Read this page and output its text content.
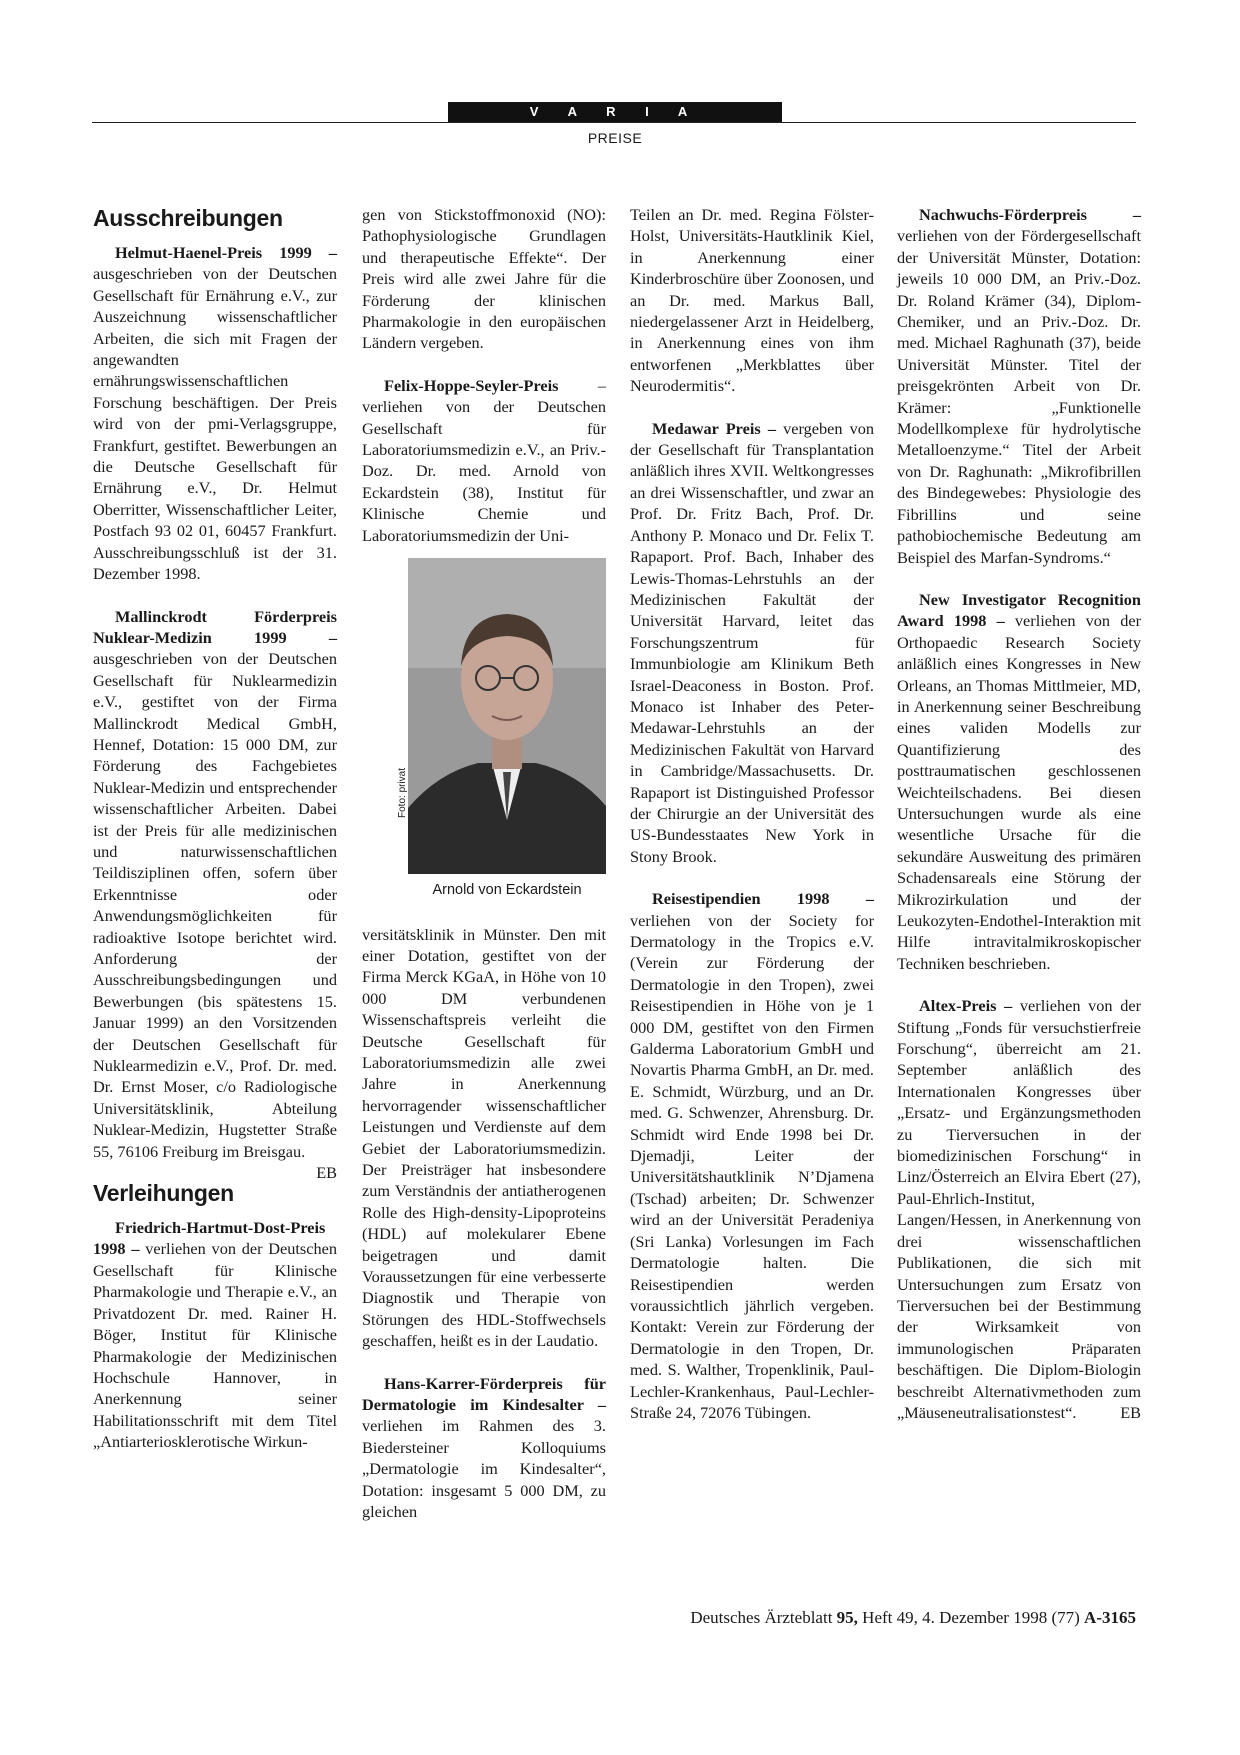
V A R I A
PREISE
Ausschreibungen

Helmut-Haenel-Preis 1999 – ausgeschrieben von der Deutschen Gesellschaft für Ernährung e.V., zur Auszeichnung wissenschaftlicher Arbeiten, die sich mit Fragen der angewandten ernährungswissenschaftlichen Forschung beschäftigen. Der Preis wird von der pmi-Verlagsgruppe, Frankfurt, gestiftet. Bewerbungen an die Deutsche Gesellschaft für Ernährung e.V., Dr. Helmut Oberritter, Wissenschaftlicher Leiter, Postfach 93 02 01, 60457 Frankfurt. Ausschreibungsschluß ist der 31. Dezember 1998.

Mallinckrodt Förderpreis Nuklear-Medizin 1999 – ausgeschrieben von der Deutschen Gesellschaft für Nuklearmedizin e.V., gestiftet von der Firma Mallinckrodt Medical GmbH, Hennef, Dotation: 15 000 DM, zur Förderung des Fachgebietes Nuklear-Medizin und entsprechender wissenschaftlicher Arbeiten. Dabei ist der Preis für alle medizinischen und naturwissenschaftlichen Teildisziplinen offen, sofern über Erkenntnisse oder Anwendungsmöglichkeiten für radioaktive Isotope berichtet wird. Anforderung der Ausschreibungsbedingungen und Bewerbungen (bis spätestens 15. Januar 1999) an den Vorsitzenden der Deutschen Gesellschaft für Nuklearmedizin e.V., Prof. Dr. med. Dr. Ernst Moser, c/o Radiologische Universitätsklinik, Abteilung Nuklear-Medizin, Hugstetter Straße 55, 76106 Freiburg im Breisgau.
EB

Verleihungen

Friedrich-Hartmut-Dost-Preis 1998 – verliehen von der Deutschen Gesellschaft für Klinische Pharmakologie und Therapie e.V., an Privatdozent Dr. med. Rainer H. Böger, Institut für Klinische Pharmakologie der Medizinischen Hochschule Hannover, in Anerkennung seiner Habilitationsschrift mit dem Titel „Antiarteriosklerotische Wirkun-

gen von Stickstoffmonoxid (NO): Pathophysiologische Grundlagen und therapeutische Effekte“. Der Preis wird alle zwei Jahre für die Förderung der klinischen Pharmakologie in den europäischen Ländern vergeben.

Felix-Hoppe-Seyler-Preis – verliehen von der Deutschen Gesellschaft für Laboratoriumsmedizin e.V., an Priv.-Doz. Dr. med. Arnold von Eckardstein (38), Institut für Klinische Chemie und Laboratoriumsmedizin der Uni-

Foto: privat
Arnold von Eckardstein

versitätsklinik in Münster. Den mit einer Dotation, gestiftet von der Firma Merck KGaA, in Höhe von 10 000 DM verbundenen Wissenschaftspreis verleiht die Deutsche Gesellschaft für Laboratoriumsmedizin alle zwei Jahre in Anerkennung hervorragender wissenschaftlicher Leistungen und Verdienste auf dem Gebiet der Laboratoriumsmedizin. Der Preisträger hat insbesondere zum Verständnis der antiatherogenen Rolle des High-density-Lipoproteins (HDL) auf molekularer Ebene beigetragen und damit Voraussetzungen für eine verbesserte Diagnostik und Therapie von Störungen des HDL-Stoffwechsels geschaffen, heißt es in der Laudatio.

Hans-Karrer-Förderpreis für Dermatologie im Kindesalter – verliehen im Rahmen des 3. Biedersteiner Kolloquiums „Dermatologie im Kindesalter“, Dotation: insgesamt 5 000 DM, zu gleichen

Teilen an Dr. med. Regina Fölster-Holst, Universitäts-Hautklinik Kiel, in Anerkennung einer Kinderbroschüre über Zoonosen, und an Dr. med. Markus Ball, niedergelassener Arzt in Heidelberg, in Anerkennung eines von ihm entworfenen „Merkblattes über Neurodermitis“.

Medawar Preis – vergeben von der Gesellschaft für Transplantation anläßlich ihres XVII. Weltkongresses an drei Wissenschaftler, und zwar an Prof. Dr. Fritz Bach, Prof. Dr. Anthony P. Monaco und Dr. Felix T. Rapaport. Prof. Bach, Inhaber des Lewis-Thomas-Lehrstuhls an der Medizinischen Fakultät der Universität Harvard, leitet das Forschungszentrum für Immunbiologie am Klinikum Beth Israel-Deaconess in Boston. Prof. Monaco ist Inhaber des Peter-Medawar-Lehrstuhls an der Medizinischen Fakultät von Harvard in Cambridge/Massachusetts. Dr. Rapaport ist Distinguished Professor der Chirurgie an der Universität des US-Bundesstaates New York in Stony Brook.

Reisestipendien 1998 – verliehen von der Society for Dermatology in the Tropics e.V. (Verein zur Förderung der Dermatologie in den Tropen), zwei Reisestipendien in Höhe von je 1 000 DM, gestiftet von den Firmen Galderma Laboratorium GmbH und Novartis Pharma GmbH, an Dr. med. E. Schmidt, Würzburg, und an Dr. med. G. Schwenzer, Ahrensburg. Dr. Schmidt wird Ende 1998 bei Dr. Djemadji, Leiter der Universitätshautklinik N’Djamena (Tschad) arbeiten; Dr. Schwenzer wird an der Universität Peradeniya (Sri Lanka) Vorlesungen im Fach Dermatologie halten. Die Reisestipendien werden voraussichtlich jährlich vergeben. Kontakt: Verein zur Förderung der Dermatologie in den Tropen, Dr. med. S. Walther, Tropenklinik, Paul-Lechler-Krankenhaus, Paul-Lechler-Straße 24, 72076 Tübingen.

Nachwuchs-Förderpreis – verliehen von der Fördergesellschaft der Universität Münster, Dotation: jeweils 10 000 DM, an Priv.-Doz. Dr. Roland Krämer (34), Diplom-Chemiker, und an Priv.-Doz. Dr. med. Michael Raghunath (37), beide Universität Münster. Titel der preisgekrönten Arbeit von Dr. Krämer: „Funktionelle Modellkomplexe für hydrolytische Metalloenzyme.“ Titel der Arbeit von Dr. Raghunath: „Mikrofibrillen des Bindegewebes: Physiologie des Fibrillins und seine pathobiochemische Bedeutung am Beispiel des Marfan-Syndroms.“

New Investigator Recognition Award 1998 – verliehen von der Orthopaedic Research Society anläßlich eines Kongresses in New Orleans, an Thomas Mittlmeier, MD, in Anerkennung seiner Beschreibung eines validen Modells zur Quantifizierung des posttraumatischen geschlossenen Weichteilschadens. Bei diesen Untersuchungen wurde als eine wesentliche Ursache für die sekundäre Ausweitung des primären Schadensareals eine Störung der Mikrozirkulation und der Leukozyten-Endothel-Interaktion mit Hilfe intravitalmikroskopischer Techniken beschrieben.

Altex-Preis – verliehen von der Stiftung „Fonds für versuchstierfreie Forschung“, überreicht am 21. September anläßlich des Internationalen Kongresses über „Ersatz- und Ergänzungsmethoden zu Tierversuchen in der biomedizinischen Forschung“ in Linz/Österreich an Elvira Ebert (27), Paul-Ehrlich-Institut, Langen/Hessen, in Anerkennung von drei wissenschaftlichen Publikationen, die sich mit Untersuchungen zum Ersatz von Tierversuchen bei der Bestimmung der Wirksamkeit von immunologischen Präparaten beschäftigen. Die Diplom-Biologin beschreibt Alternativmethoden zum „Mäuseneutralisationstest“.	EB

Deutsches Ärzteblatt 95, Heft 49, 4. Dezember 1998 (77) A-3165
